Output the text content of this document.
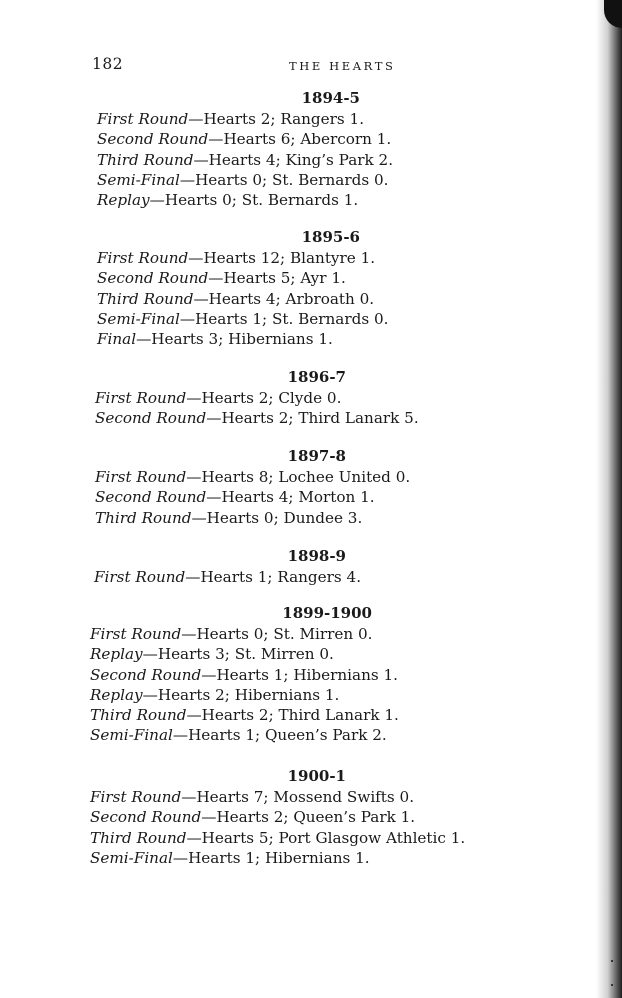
182	THE HEARTS
1894-5
First Round—Hearts 2; Rangers 1.
Second Round—Hearts 6; Abercorn 1.
Third Round—Hearts 4; King’s Park 2.
Semi-Final—Hearts 0; St. Bernards 0.
Replay—Hearts 0; St. Bernards 1.
1895-6
First Round—Hearts 12; Blantyre 1.
Second Round—Hearts 5; Ayr 1.
Third Round—Hearts 4; Arbroath 0.
Semi-Final—Hearts 1; St. Bernards 0.
Final—Hearts 3; Hibernians 1.
1896-7
First Round—Hearts 2; Clyde 0.
Second Round—Hearts 2; Third Lanark 5.
1897-8
First Round—Hearts 8; Lochee United 0.
Second Round—Hearts 4; Morton 1.
Third Round—Hearts 0; Dundee 3.
1898-9
First Round—Hearts 1; Rangers 4.
1899-1900
First Round—Hearts 0; St. Mirren 0.
Replay—Hearts 3; St. Mirren 0.
Second Round—Hearts 1; Hibernians 1.
Replay—Hearts 2; Hibernians 1.
Third Round—Hearts 2; Third Lanark 1.
Semi-Final—Hearts 1; Queen’s Park 2.
1900-1
First Round—Hearts 7; Mossend Swifts 0.
Second Round—Hearts 2; Queen’s Park 1.
Third Round—Hearts 5; Port Glasgow Athletic 1.
Semi-Final—Hearts 1; Hibernians 1.
